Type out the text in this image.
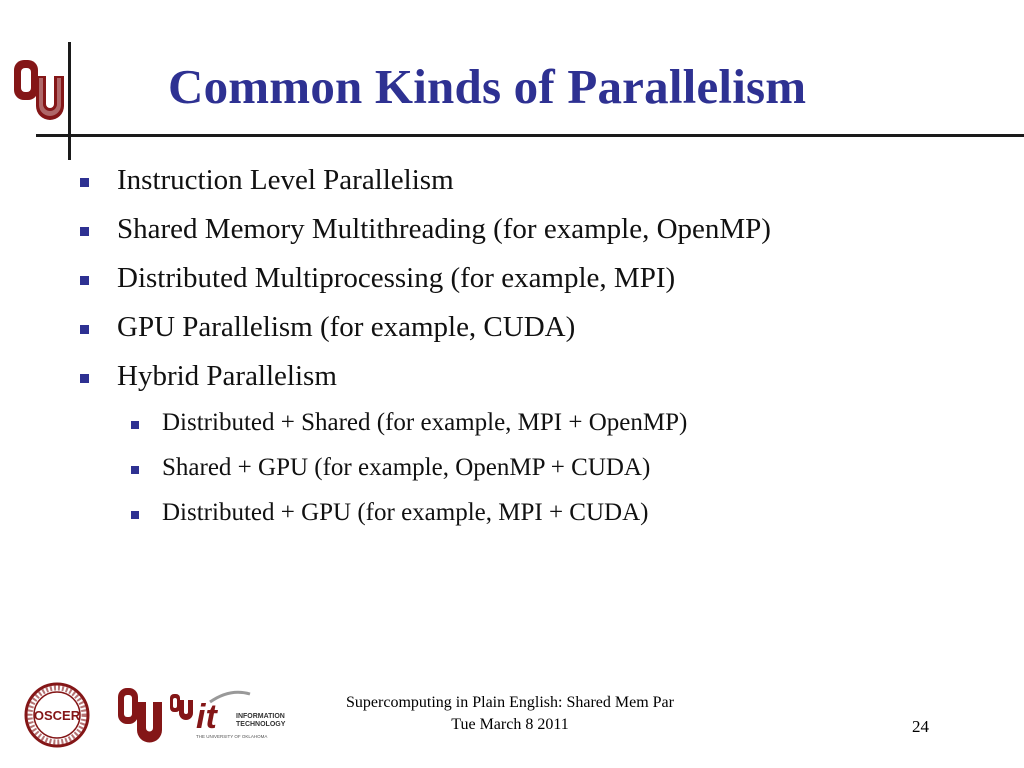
Common Kinds of Parallelism
Instruction Level Parallelism
Shared Memory Multithreading (for example, OpenMP)
Distributed Multiprocessing (for example, MPI)
GPU Parallelism (for example, CUDA)
Hybrid Parallelism
Distributed + Shared (for example, MPI + OpenMP)
Shared + GPU (for example, OpenMP + CUDA)
Distributed + GPU (for example, MPI + CUDA)
OSCER	it	INFORMATION
TECHNOLOGY
THE UNIVERSITY OF OKLAHOMA
Supercomputing in Plain English: Shared Mem Par
Tue March 8 2011	24
